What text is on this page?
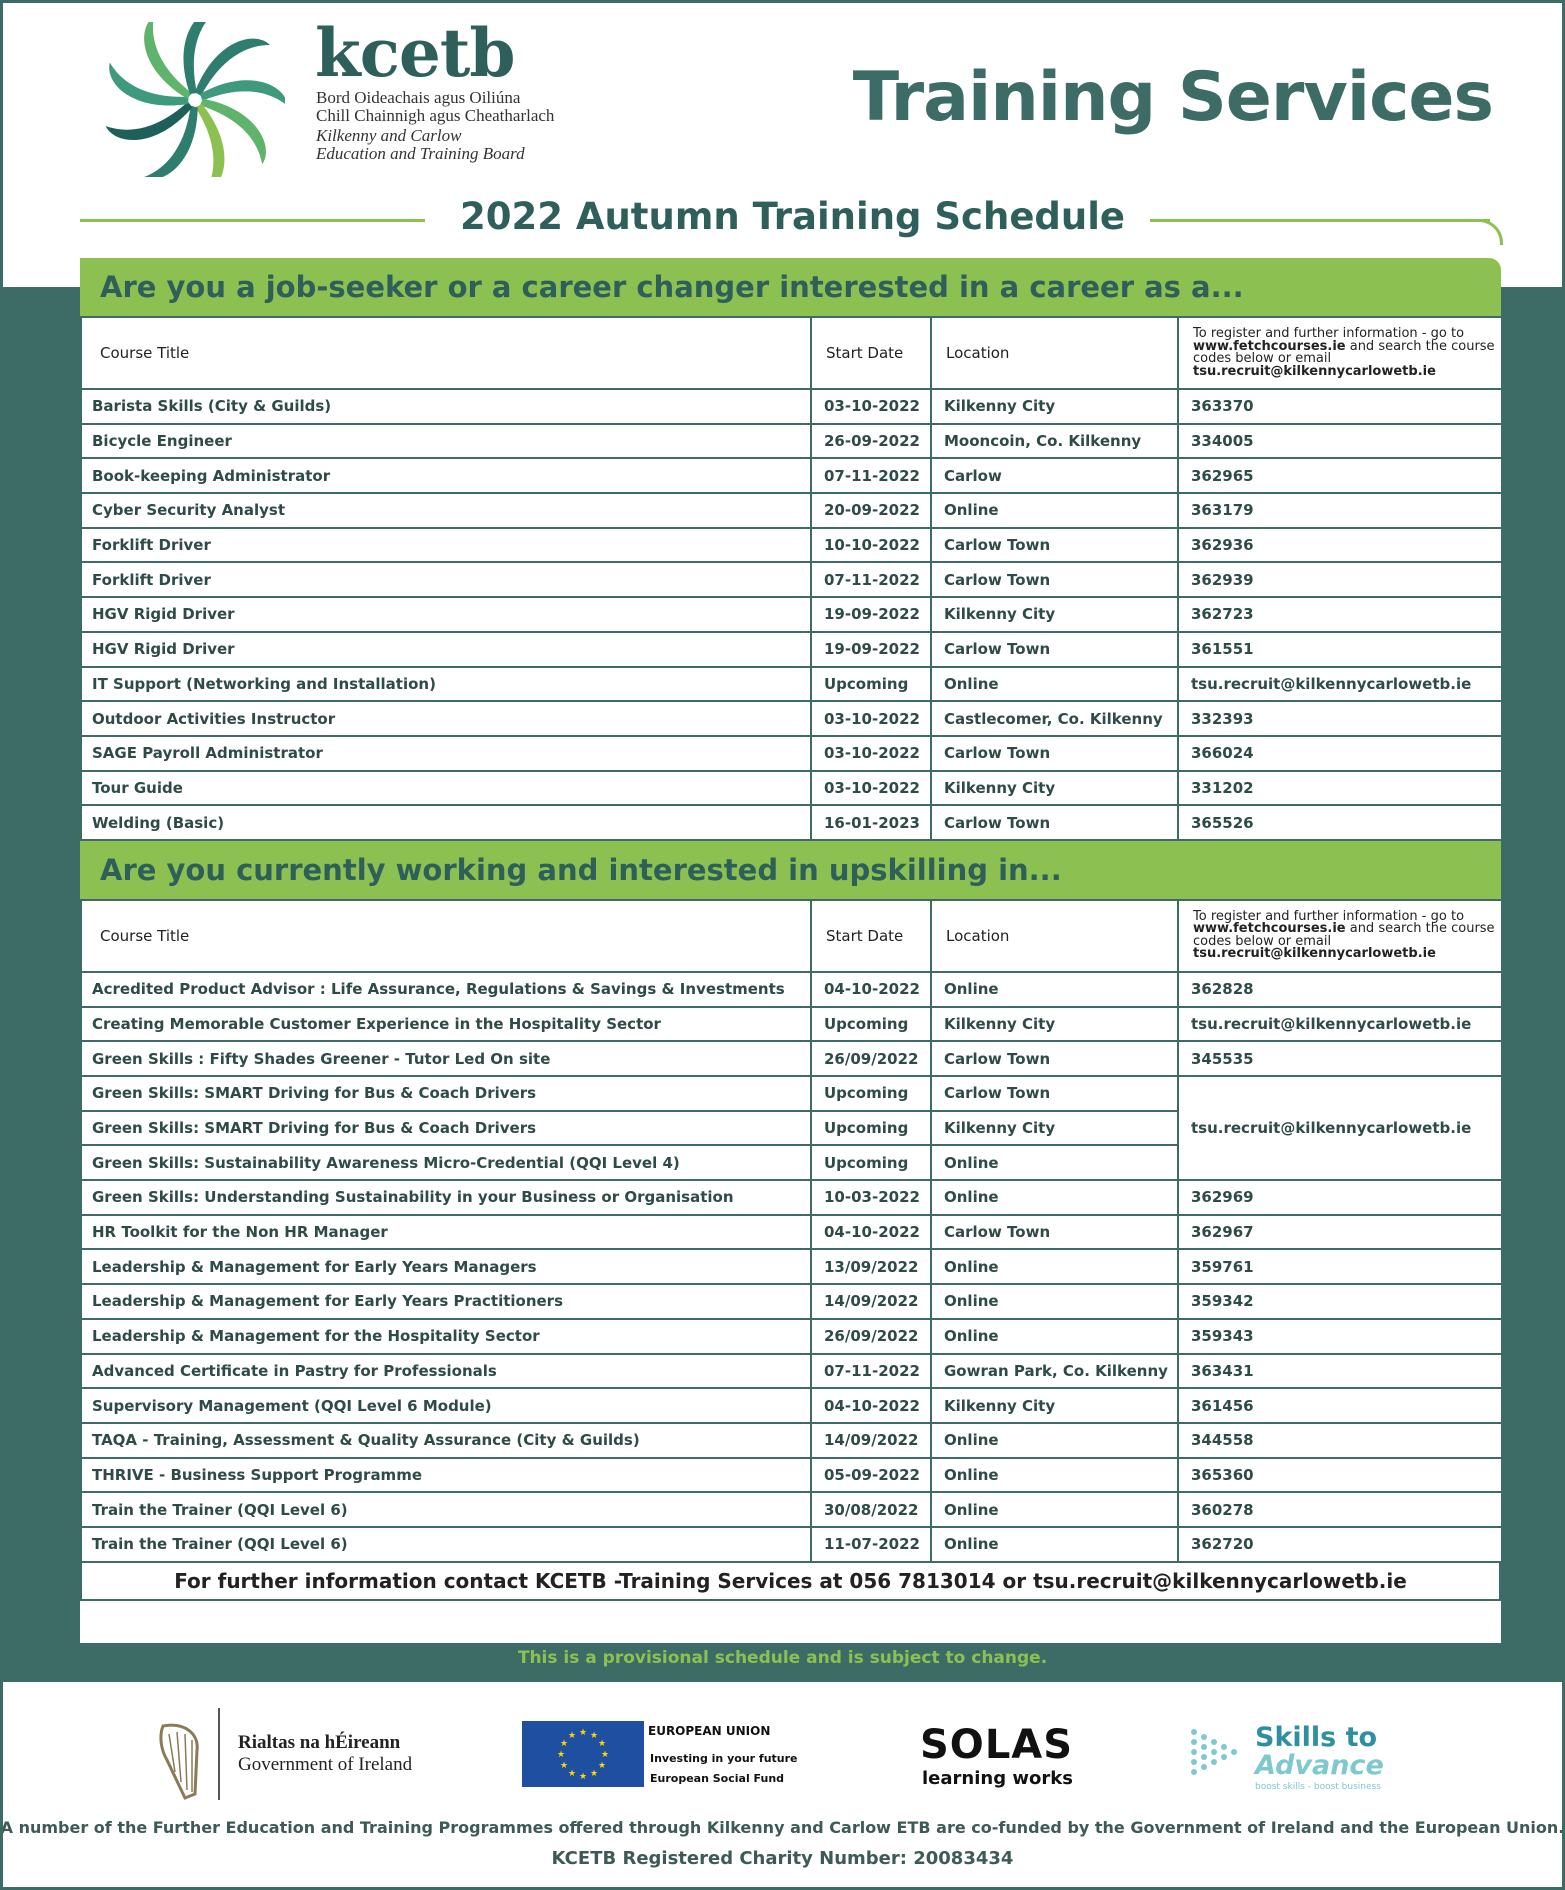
kcetb
Bord Oideachais agus Oiliúna
Chill Chainnigh agus Cheatharlach
Kilkenny and Carlow
Education and Training Board
Training Services
2022 Autumn Training Schedule
Are you a job-seeker or a career changer interested in a career as a...
Course Title	Start Date	Location	To register and further information - go to
www.fetchcourses.ie and search the course codes below or email
tsu.recruit@kilkennycarlowetb.ie
Barista Skills (City & Guilds)	03-10-2022	Kilkenny City	363370
Bicycle Engineer	26-09-2022	Mooncoin, Co. Kilkenny	334005
Book-keeping Administrator	07-11-2022	Carlow	362965
Cyber Security Analyst	20-09-2022	Online	363179
Forklift Driver	10-10-2022	Carlow Town	362936
Forklift Driver	07-11-2022	Carlow Town	362939
HGV Rigid Driver	19-09-2022	Kilkenny City	362723
HGV Rigid Driver	19-09-2022	Carlow Town	361551
IT Support (Networking and Installation)	Upcoming	Online	tsu.recruit@kilkennycarlowetb.ie
Outdoor Activities Instructor	03-10-2022	Castlecomer, Co. Kilkenny	332393
SAGE Payroll Administrator	03-10-2022	Carlow Town	366024
Tour Guide	03-10-2022	Kilkenny City	331202
Welding (Basic)	16-01-2023	Carlow Town	365526
Are you currently working and interested in upskilling in...
Course Title	Start Date	Location	To register and further information - go to
www.fetchcourses.ie and search the course codes below or email
tsu.recruit@kilkennycarlowetb.ie
Acredited Product Advisor : Life Assurance, Regulations & Savings & Investments	04-10-2022	Online	362828
Creating Memorable Customer Experience in the Hospitality Sector	Upcoming	Kilkenny City	tsu.recruit@kilkennycarlowetb.ie
Green Skills : Fifty Shades Greener - Tutor Led On site	26/09/2022	Carlow Town	345535
Green Skills: SMART Driving for Bus & Coach Drivers	Upcoming	Carlow Town	tsu.recruit@kilkennycarlowetb.ie
Green Skills: SMART Driving for Bus & Coach Drivers	Upcoming	Kilkenny City	
Green Skills: Sustainability Awareness Micro-Credential (QQI Level 4)	Upcoming	Online	
Green Skills: Understanding Sustainability in your Business or Organisation	10-03-2022	Online	362969
HR Toolkit for the Non HR Manager	04-10-2022	Carlow Town	362967
Leadership & Management for Early Years Managers	13/09/2022	Online	359761
Leadership & Management for Early Years Practitioners	14/09/2022	Online	359342
Leadership & Management for the Hospitality Sector	26/09/2022	Online	359343
Advanced Certificate in Pastry for Professionals	07-11-2022	Gowran Park, Co. Kilkenny	363431
Supervisory Management (QQI Level 6 Module)	04-10-2022	Kilkenny City	361456
TAQA - Training, Assessment & Quality Assurance (City & Guilds)	14/09/2022	Online	344558
THRIVE - Business Support Programme	05-09-2022	Online	365360
Train the Trainer (QQI Level 6)	30/08/2022	Online	360278
Train the Trainer (QQI Level 6)	11-07-2022	Online	362720
For further information contact KCETB -Training Services at 056 7813014 or tsu.recruit@kilkennycarlowetb.ie
This is a provisional schedule and is subject to change.
Rialtas na hÉireann
Government of Ireland
★ ★
★
★
★
★
★
★
★
★
★
★	EUROPEAN UNION
Investing in your future
European Social Fund
SOLAS
learning works
Skills to
Advance
boost skills - boost business
A number of the Further Education and Training Programmes offered through Kilkenny and Carlow ETB are co-funded by the Government of Ireland and the European Union.
KCETB Registered Charity Number: 20083434
